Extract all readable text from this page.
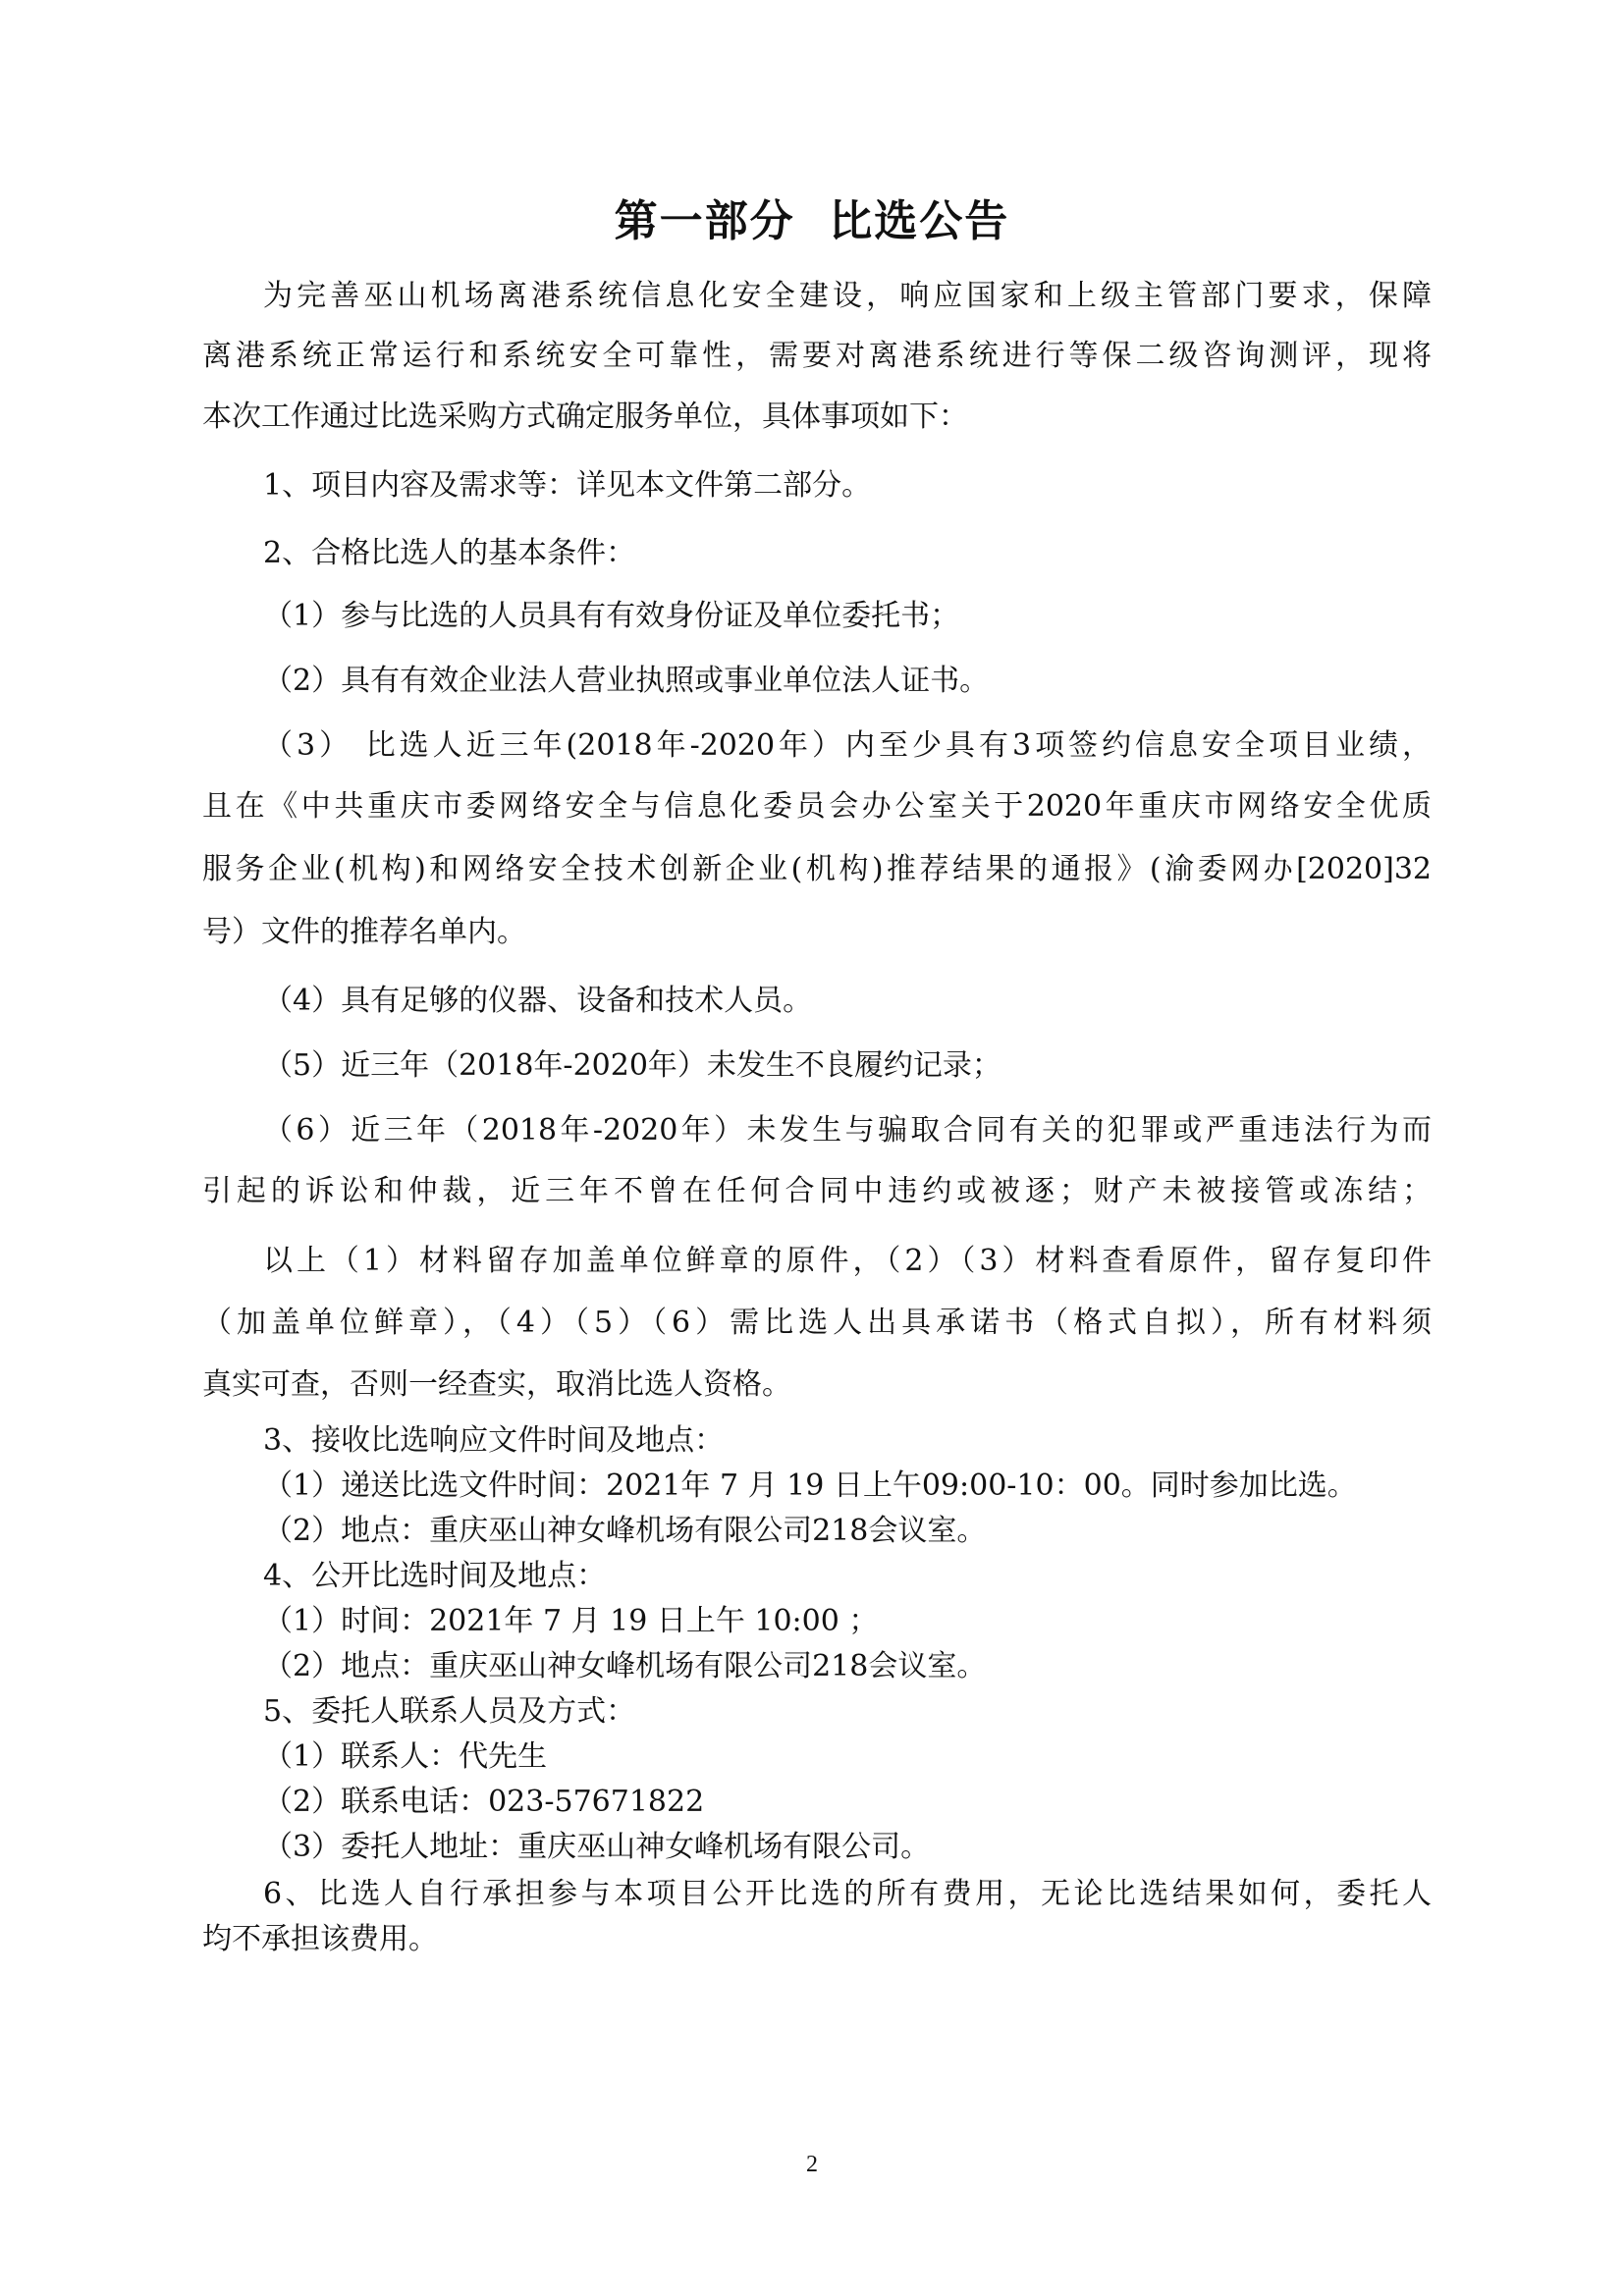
第一部分  比选公告
为完善巫山机场离港系统信息化安全建设，响应国家和上级主管部门要求，保障
离港系统正常运行和系统安全可靠性，需要对离港系统进行等保二级咨询测评，现将
本次工作通过比选采购方式确定服务单位，具体事项如下：
1、项目内容及需求等：详见本文件第二部分。
2、合格比选人的基本条件：
（1）参与比选的人员具有有效身份证及单位委托书；
（2）具有有效企业法人营业执照或事业单位法人证书。
（3） 比选人近三年(2018年-2020年）内至少具有3项签约信息安全项目业绩，
且在《中共重庆市委网络安全与信息化委员会办公室关于2020年重庆市网络安全优质
服务企业(机构)和网络安全技术创新企业(机构)推荐结果的通报》(渝委网办[2020]32
号）文件的推荐名单内。
（4）具有足够的仪器、设备和技术人员。
（5）近三年（2018年-2020年）未发生不良履约记录；
（6）近三年（2018年-2020年）未发生与骗取合同有关的犯罪或严重违法行为而
引起的诉讼和仲裁，近三年不曾在任何合同中违约或被逐；财产未被接管或冻结；
以上（1）材料留存加盖单位鲜章的原件，（2）（3）材料查看原件，留存复印件
（加盖单位鲜章），（4）（5）（6）需比选人出具承诺书（格式自拟），所有材料须
真实可查，否则一经查实，取消比选人资格。
3、接收比选响应文件时间及地点：
（1）递送比选文件时间：2021年 7 月 19 日上午09:00-10：00。同时参加比选。
（2）地点：重庆巫山神女峰机场有限公司218会议室。
4、公开比选时间及地点：
（1）时间：2021年 7 月 19 日上午 10:00 ；
（2）地点：重庆巫山神女峰机场有限公司218会议室。
5、委托人联系人员及方式：
（1）联系人：代先生
（2）联系电话：023-57671822
（3）委托人地址：重庆巫山神女峰机场有限公司。
6、比选人自行承担参与本项目公开比选的所有费用，无论比选结果如何，委托人
均不承担该费用。
2
